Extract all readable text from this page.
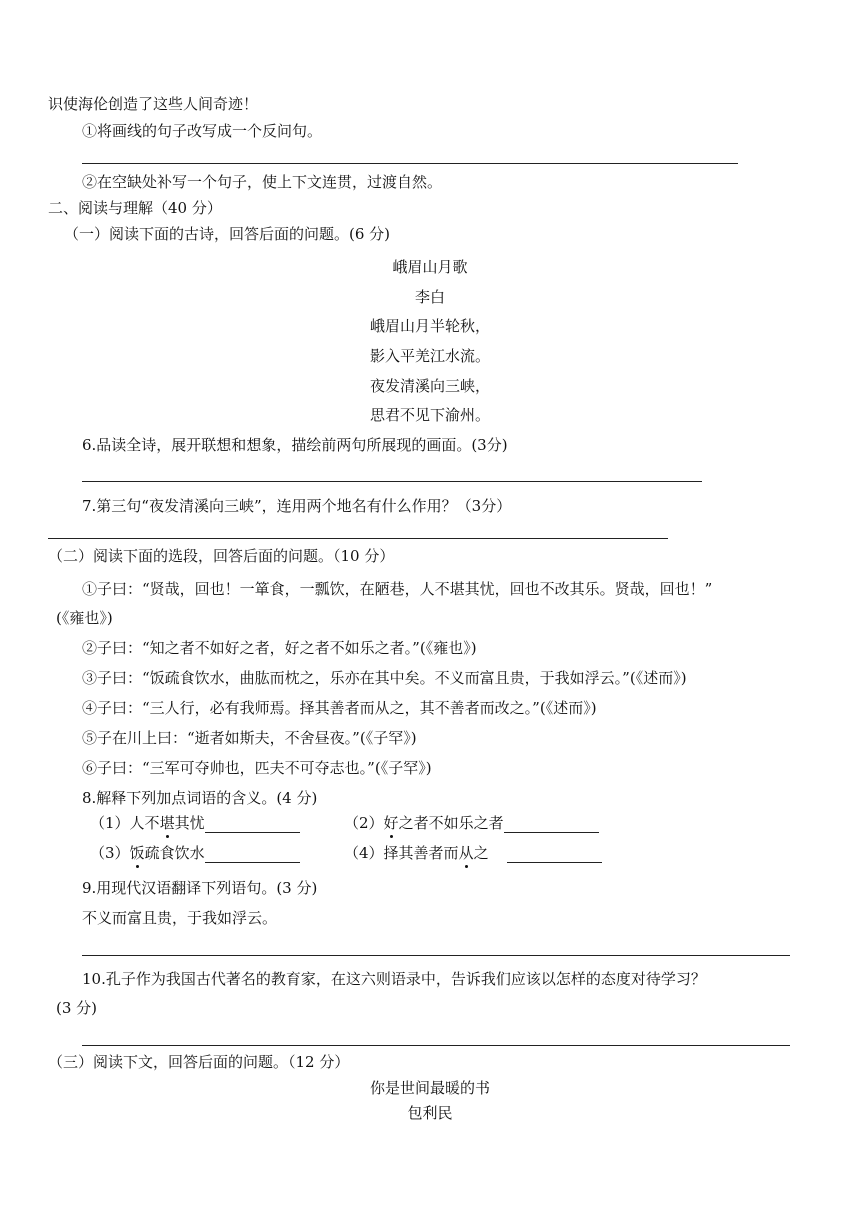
识使海伦创造了这些人间奇迹！
①将画线的句子改写成一个反问句。
②在空缺处补写一个句子，使上下文连贯，过渡自然。
二、阅读与理解（40 分）
（一）阅读下面的古诗，回答后面的问题。(6 分)
峨眉山月歌
李白
峨眉山月半轮秋，
影入平羌江水流。
夜发清溪向三峡，
思君不见下渝州。
6.品读全诗，展开联想和想象，描绘前两句所展现的画面。(3分)
7.第三句“夜发清溪向三峡”，连用两个地名有什么作用？（3分）
（二）阅读下面的选段，回答后面的问题。（10 分）
①子曰：“贤哉，回也！一箪食，一瓢饮，在陋巷，人不堪其忧，回也不改其乐。贤哉，回也！”
(《雍也》)
②子曰：“知之者不如好之者，好之者不如乐之者。”(《雍也》)
③子曰：“饭疏食饮水，曲肱而枕之，乐亦在其中矣。不义而富且贵，于我如浮云。”(《述而》)
④子曰：“三人行，必有我师焉。择其善者而从之，其不善者而改之。”(《述而》)
⑤子在川上曰：“逝者如斯夫，不舍昼夜。”(《子罕》)
⑥子曰：“三军可夺帅也，匹夫不可夺志也。”(《子罕》)
8.解释下列加点词语的含义。(4 分)
（1）人不堪其忧	（2）好之者不如乐之者
（3）饭疏食饮水	（4）择其善者而从之
9.用现代汉语翻译下列语句。(3 分)
不义而富且贵，于我如浮云。
10.孔子作为我国古代著名的教育家，在这六则语录中，告诉我们应该以怎样的态度对待学习？
(3 分)
（三）阅读下文，回答后面的问题。（12 分）
你是世间最暖的书
包利民
